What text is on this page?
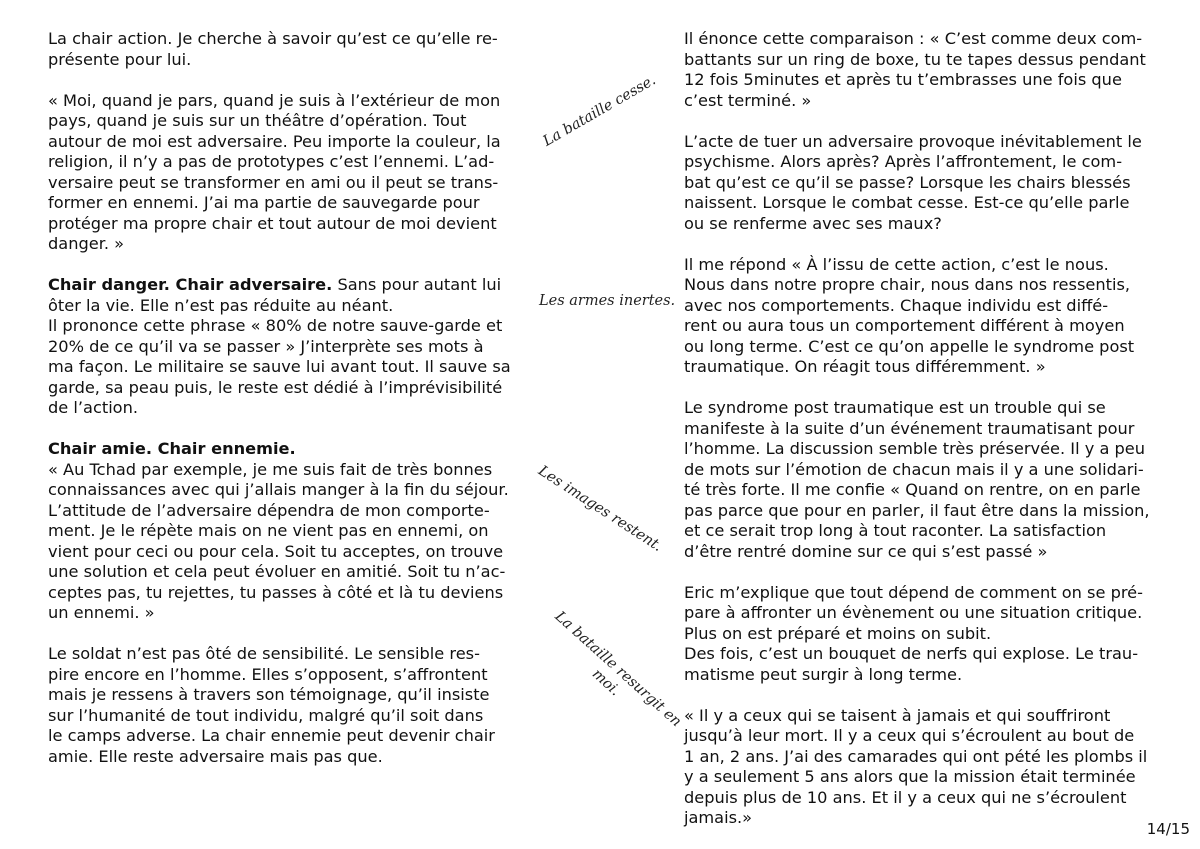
La chair action. Je cherche à savoir qu’est ce qu’elle re-
présente pour lui.

« Moi, quand je pars, quand je suis à l’extérieur de mon
pays, quand je suis sur un théâtre d’opération. Tout
autour de moi est adversaire. Peu importe la couleur, la
religion, il n’y a pas de prototypes c’est l’ennemi. L’ad-
versaire peut se transformer en ami ou il peut se trans-
former en ennemi. J’ai ma partie de sauvegarde pour
protéger ma propre chair et tout autour de moi devient
danger. »

Chair danger. Chair adversaire. Sans pour autant lui
ôter la vie. Elle n’est pas réduite au néant.
Il prononce cette phrase « 80% de notre sauve-garde et
20% de ce qu’il va se passer » J’interprète ses mots à
ma façon. Le militaire se sauve lui avant tout. Il sauve sa
garde, sa peau puis, le reste est dédié à l’imprévisibilité
de l’action.

Chair amie. Chair ennemie.
« Au Tchad par exemple, je me suis fait de très bonnes
connaissances avec qui j’allais manger à la fin du séjour.
L’attitude de l’adversaire dépendra de mon comporte-
ment. Je le répète mais on ne vient pas en ennemi, on
vient pour ceci ou pour cela. Soit tu acceptes, on trouve
une solution et cela peut évoluer en amitié. Soit tu n’ac-
ceptes pas, tu rejettes, tu passes à côté et là tu deviens
un ennemi. »

Le soldat n’est pas ôté de sensibilité. Le sensible res-
pire encore en l’homme. Elles s’opposent, s’affrontent
mais je ressens à travers son témoignage, qu’il insiste
sur l’humanité de tout individu, malgré qu’il soit dans
le camps adverse. La chair ennemie peut devenir chair
amie. Elle reste adversaire mais pas que.

La bataille cesse.
Les armes inertes.
Les images restent.
La bataille resurgit en
moi.

Il énonce cette comparaison : « C’est comme deux com-
battants sur un ring de boxe, tu te tapes dessus pendant
12 fois 5minutes et après tu t’embrasses une fois que
c’est terminé. »

L’acte de tuer un adversaire provoque inévitablement le
psychisme. Alors après? Après l’affrontement, le com-
bat qu’est ce qu’il se passe? Lorsque les chairs blessés
naissent. Lorsque le combat cesse. Est-ce qu’elle parle
ou se renferme avec ses maux?

Il me répond « À l’issu de cette action, c’est le nous.
Nous dans notre propre chair, nous dans nos ressentis,
avec nos comportements. Chaque individu est diffé-
rent ou aura tous un comportement différent à moyen
ou long terme. C’est ce qu’on appelle le syndrome post
traumatique. On réagit tous différemment. »

Le syndrome post traumatique est un trouble qui se
manifeste à la suite d’un événement traumatisant pour
l’homme. La discussion semble très préservée. Il y a peu
de mots sur l’émotion de chacun mais il y a une solidari-
té très forte. Il me confie « Quand on rentre, on en parle
pas parce que pour en parler, il faut être dans la mission,
et ce serait trop long à tout raconter. La satisfaction
d’être rentré domine sur ce qui s’est passé »

Eric m’explique que tout dépend de comment on se pré-
pare à affronter un évènement ou une situation critique.
Plus on est préparé et moins on subit.
Des fois, c’est un bouquet de nerfs qui explose. Le trau-
matisme peut surgir à long terme.

« Il y a ceux qui se taisent à jamais et qui souffriront
jusqu’à leur mort. Il y a ceux qui s’écroulent au bout de
1 an, 2 ans. J’ai des camarades qui ont pété les plombs il
y a seulement 5 ans alors que la mission était terminée
depuis plus de 10 ans. Et il y a ceux qui ne s’écroulent
jamais.»

14/15
